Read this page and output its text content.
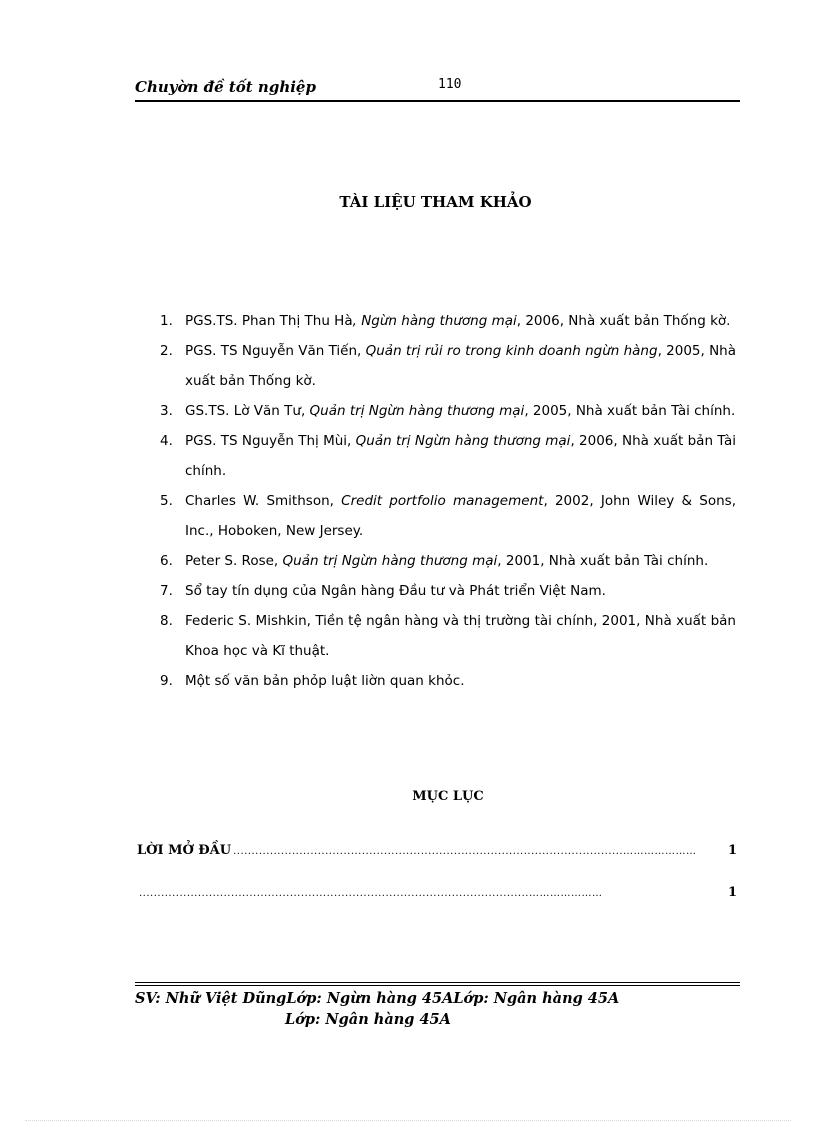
Chuyờn đề tốt nghiệp	110
TÀI LIỆU THAM KHẢO
1. PGS.TS. Phan Thị Thu Hà, Ngừn hàng thương mại, 2006, Nhà xuất bản Thống kờ.
2. PGS. TS Nguyễn Văn Tiến, Quản trị rủi ro trong kinh doanh ngừn hàng, 2005, Nhà xuất bản Thống kờ.
3. GS.TS. Lờ Văn Tư, Quản trị Ngừn hàng thương mại, 2005, Nhà xuất bản Tài chính.
4. PGS. TS Nguyễn Thị Mùi, Quản trị Ngừn hàng thương mại, 2006, Nhà xuất bản Tài chính.
5. Charles W. Smithson, Credit portfolio management, 2002, John Wiley & Sons, Inc., Hoboken, New Jersey.
6. Peter S. Rose, Quản trị Ngừn hàng thương mại, 2001, Nhà xuất bản Tài chính.
7. Sổ tay tín dụng của Ngân hàng Đầu tư và Phát triển Việt Nam.
8. Federic S. Mishkin, Tiền tệ ngân hàng và thị trường tài chính, 2001, Nhà xuất bản Khoa học và Kĩ thuật.
9. Một số văn bản phỏp luật liờn quan khỏc.
MỤC LỤC
LỜI MỞ ĐẦU ..........................................................................................................…………………	1
..........................................................................................................…………………	1
SV: Nhữ Việt DũngLớp: Ngừn hàng 45ALớp: Ngân hàng 45A
Lớp: Ngân hàng 45A
